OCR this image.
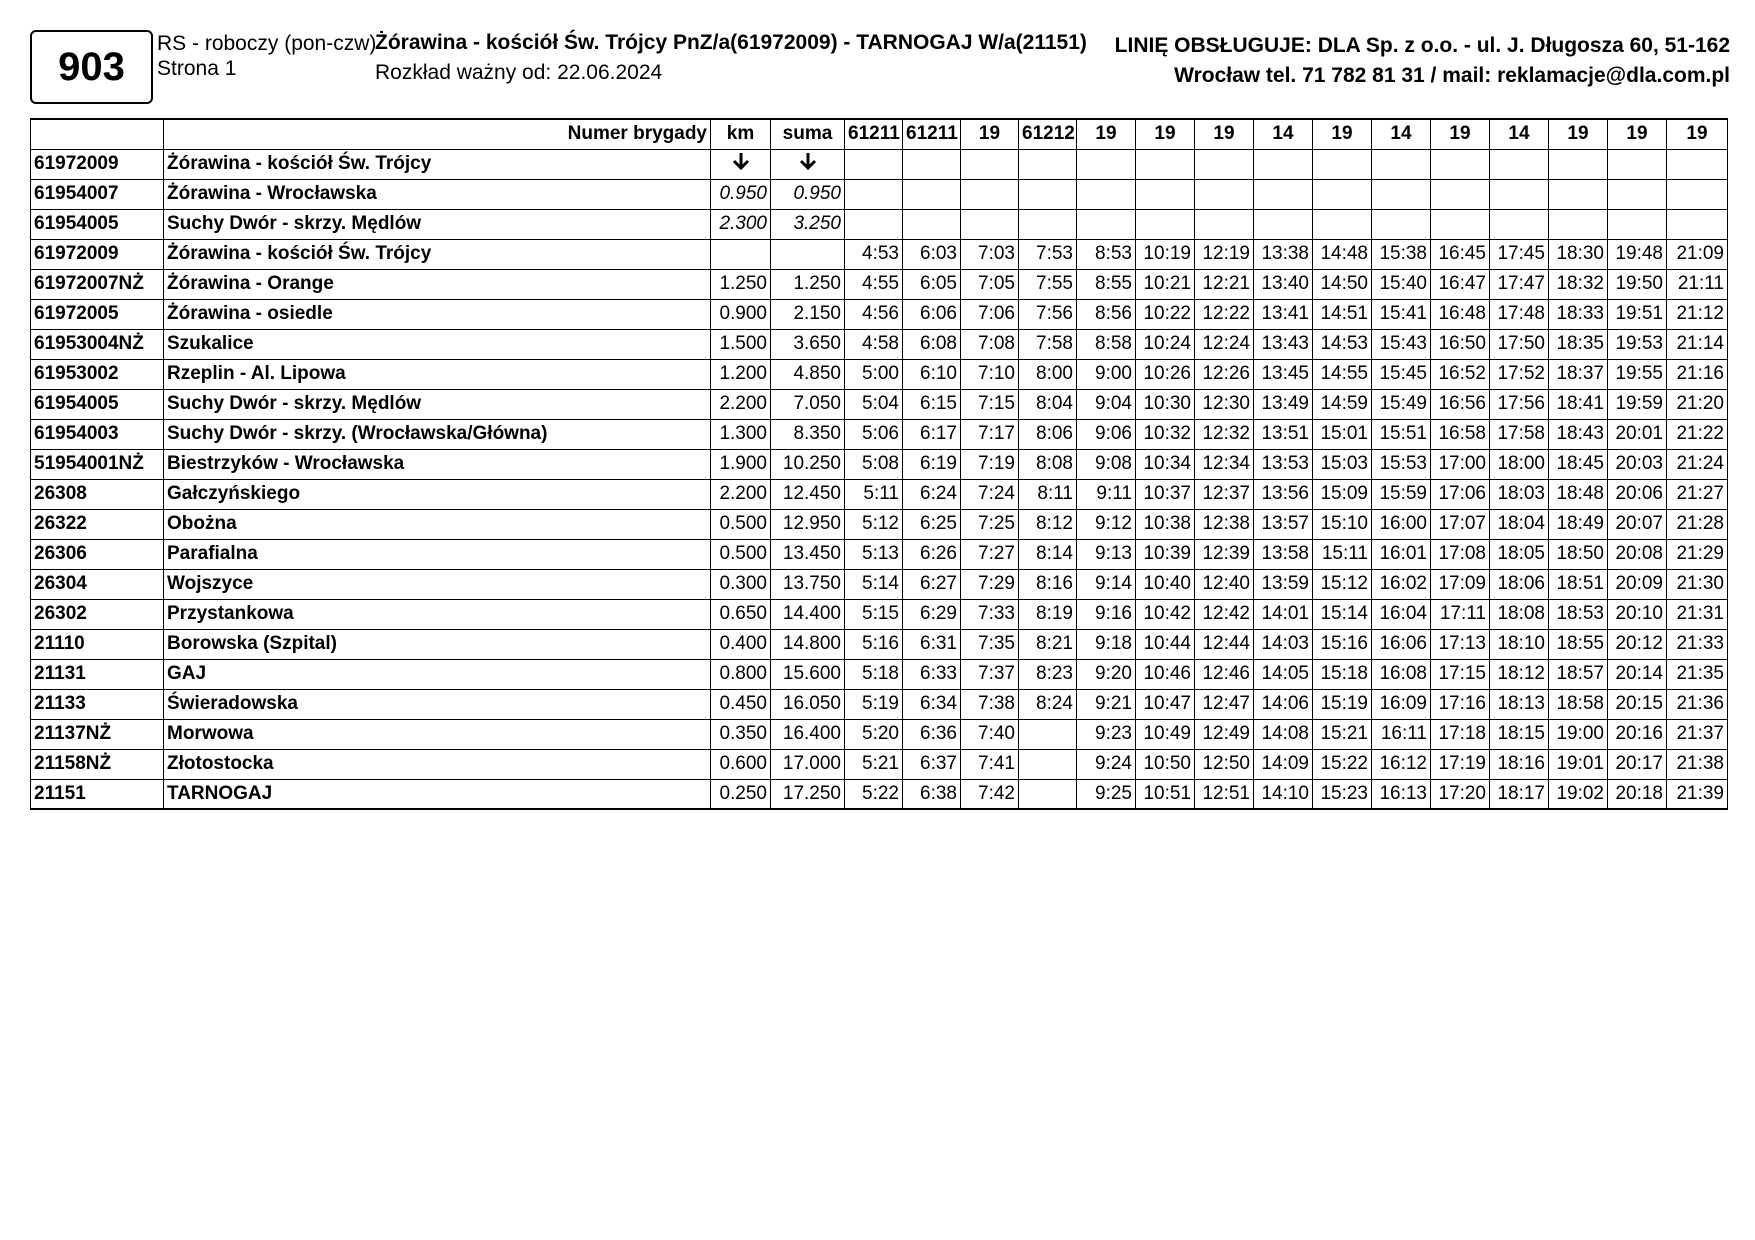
903
RS - roboczy (pon-czw)
Strona 1
Żórawina - kościół Św. Trójcy PnZ/a(61972009) - TARNOGAJ W/a(21151)
Rozkład ważny od: 22.06.2024
LINIĘ OBSŁUGUJE: DLA Sp. z o.o. - ul. J. Długosza 60, 51-162
Wrocław tel. 71 782 81 31 / mail: reklamacje@dla.com.pl
	Numer brygady	km	suma	61211	61211	19	61212	19	19	19	14	19	14	19	14	19	19	19
61972009	Żórawina - kościół Św. Trójcy																	
61954007	Żórawina - Wrocławska	0.950	0.950															
61954005	Suchy Dwór - skrzy. Mędlów	2.300	3.250															
61972009	Żórawina - kościół Św. Trójcy			4:53	6:03	7:03	7:53	8:53	10:19	12:19	13:38	14:48	15:38	16:45	17:45	18:30	19:48	21:09
61972007NŻ	Żórawina - Orange	1.250	1.250	4:55	6:05	7:05	7:55	8:55	10:21	12:21	13:40	14:50	15:40	16:47	17:47	18:32	19:50	21:11
61972005	Żórawina - osiedle	0.900	2.150	4:56	6:06	7:06	7:56	8:56	10:22	12:22	13:41	14:51	15:41	16:48	17:48	18:33	19:51	21:12
61953004NŻ	Szukalice	1.500	3.650	4:58	6:08	7:08	7:58	8:58	10:24	12:24	13:43	14:53	15:43	16:50	17:50	18:35	19:53	21:14
61953002	Rzeplin - Al. Lipowa	1.200	4.850	5:00	6:10	7:10	8:00	9:00	10:26	12:26	13:45	14:55	15:45	16:52	17:52	18:37	19:55	21:16
61954005	Suchy Dwór - skrzy. Mędlów	2.200	7.050	5:04	6:15	7:15	8:04	9:04	10:30	12:30	13:49	14:59	15:49	16:56	17:56	18:41	19:59	21:20
61954003	Suchy Dwór - skrzy. (Wrocławska/Główna)	1.300	8.350	5:06	6:17	7:17	8:06	9:06	10:32	12:32	13:51	15:01	15:51	16:58	17:58	18:43	20:01	21:22
51954001NŻ	Biestrzyków - Wrocławska	1.900	10.250	5:08	6:19	7:19	8:08	9:08	10:34	12:34	13:53	15:03	15:53	17:00	18:00	18:45	20:03	21:24
26308	Gałczyńskiego	2.200	12.450	5:11	6:24	7:24	8:11	9:11	10:37	12:37	13:56	15:09	15:59	17:06	18:03	18:48	20:06	21:27
26322	Obożna	0.500	12.950	5:12	6:25	7:25	8:12	9:12	10:38	12:38	13:57	15:10	16:00	17:07	18:04	18:49	20:07	21:28
26306	Parafialna	0.500	13.450	5:13	6:26	7:27	8:14	9:13	10:39	12:39	13:58	15:11	16:01	17:08	18:05	18:50	20:08	21:29
26304	Wojszyce	0.300	13.750	5:14	6:27	7:29	8:16	9:14	10:40	12:40	13:59	15:12	16:02	17:09	18:06	18:51	20:09	21:30
26302	Przystankowa	0.650	14.400	5:15	6:29	7:33	8:19	9:16	10:42	12:42	14:01	15:14	16:04	17:11	18:08	18:53	20:10	21:31
21110	Borowska (Szpital)	0.400	14.800	5:16	6:31	7:35	8:21	9:18	10:44	12:44	14:03	15:16	16:06	17:13	18:10	18:55	20:12	21:33
21131	GAJ	0.800	15.600	5:18	6:33	7:37	8:23	9:20	10:46	12:46	14:05	15:18	16:08	17:15	18:12	18:57	20:14	21:35
21133	Świeradowska	0.450	16.050	5:19	6:34	7:38	8:24	9:21	10:47	12:47	14:06	15:19	16:09	17:16	18:13	18:58	20:15	21:36
21137NŻ	Morwowa	0.350	16.400	5:20	6:36	7:40		9:23	10:49	12:49	14:08	15:21	16:11	17:18	18:15	19:00	20:16	21:37
21158NŻ	Złotostocka	0.600	17.000	5:21	6:37	7:41		9:24	10:50	12:50	14:09	15:22	16:12	17:19	18:16	19:01	20:17	21:38
21151	TARNOGAJ	0.250	17.250	5:22	6:38	7:42		9:25	10:51	12:51	14:10	15:23	16:13	17:20	18:17	19:02	20:18	21:39
